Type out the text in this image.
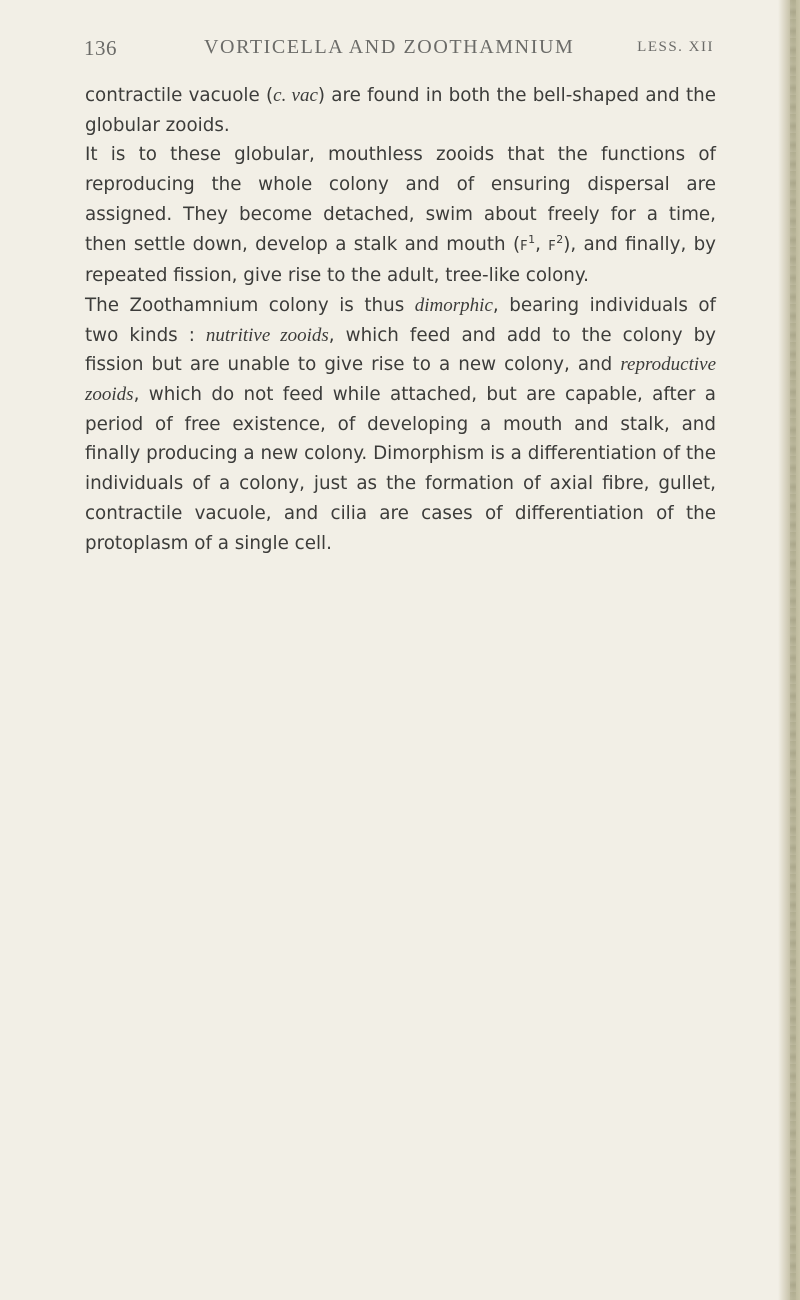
136	VORTICELLA AND ZOOTHAMNIUM	LESS. XII

contractile vacuole (c. vac) are found in both the bell-shaped and the globular zooids.

It is to these globular, mouthless zooids that the functions of reproducing the whole colony and of ensuring dispersal are assigned. They become detached, swim about freely for a time, then settle down, develop a stalk and mouth ($F^1$, $F^2$), and finally, by repeated fission, give rise to the adult, tree-like colony.

The Zoothamnium colony is thus dimorphic, bearing individuals of two kinds : nutritive zooids, which feed and add to the colony by fission but are unable to give rise to a new colony, and reproductive zooids, which do not feed while attached, but are capable, after a period of free existence, of developing a mouth and stalk, and finally producing a new colony. Dimorphism is a differentiation of the individuals of a colony, just as the formation of axial fibre, gullet, contractile vacuole, and cilia are cases of differentiation of the protoplasm of a single cell.
